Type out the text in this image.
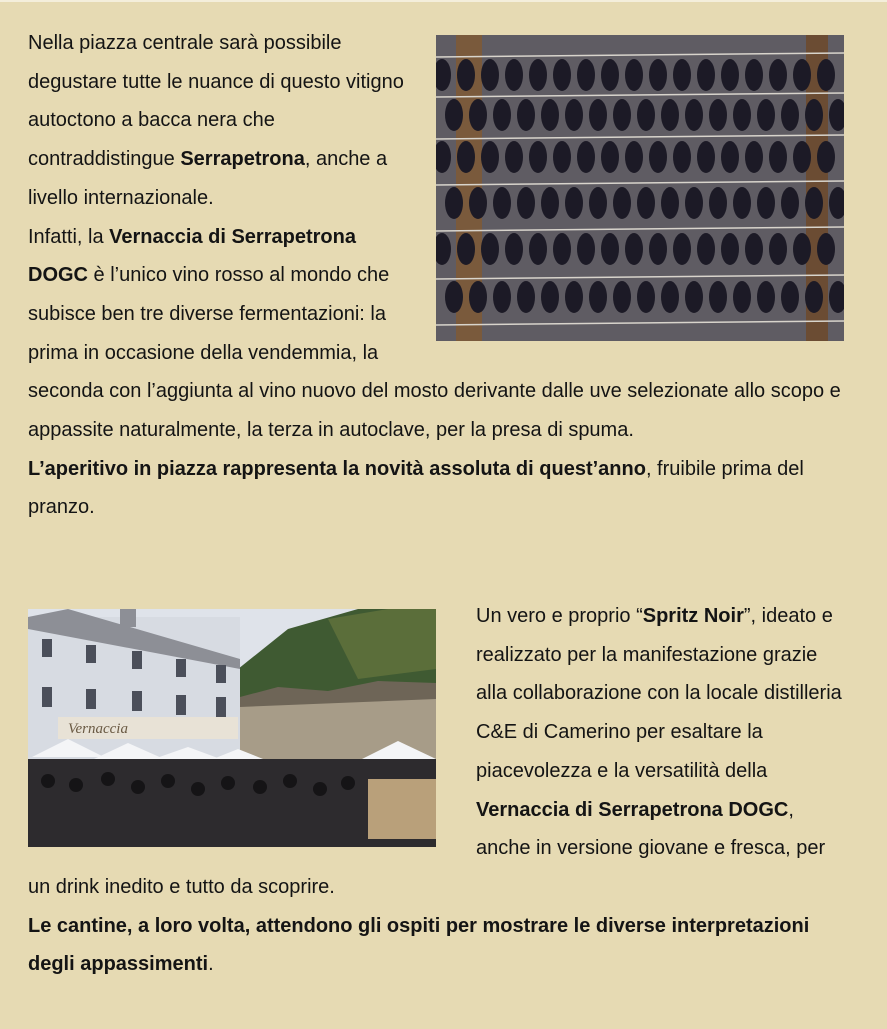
Nella piazza centrale sarà possibile degustare tutte le nuance di questo vitigno autoctono a bacca nera che contraddistingue Serrapetrona, anche a livello internazionale.

Infatti, la Vernaccia di Serrapetrona DOGC è l’unico vino rosso al mondo che subisce ben tre diverse fermentazioni: la prima in occasione della vendemmia, la seconda con l’aggiunta al vino nuovo del mosto derivante dalle uve selezionate allo scopo e appassite naturalmente, la terza in autoclave, per la presa di spuma.

L’aperitivo in piazza rappresenta la novità assoluta di quest’anno, fruibile prima del pranzo.

Vernaccia

Un vero e proprio “Spritz Noir”, ideato e realizzato per la manifestazione grazie alla collaborazione con la locale distilleria C&E di Camerino per esaltare la piacevolezza e la versatilità della Vernaccia di Serrapetrona DOGC, anche in versione giovane e fresca, per un drink inedito e tutto da scoprire.

Le cantine, a loro volta, attendono gli ospiti per mostrare le diverse interpretazioni degli appassimenti.
